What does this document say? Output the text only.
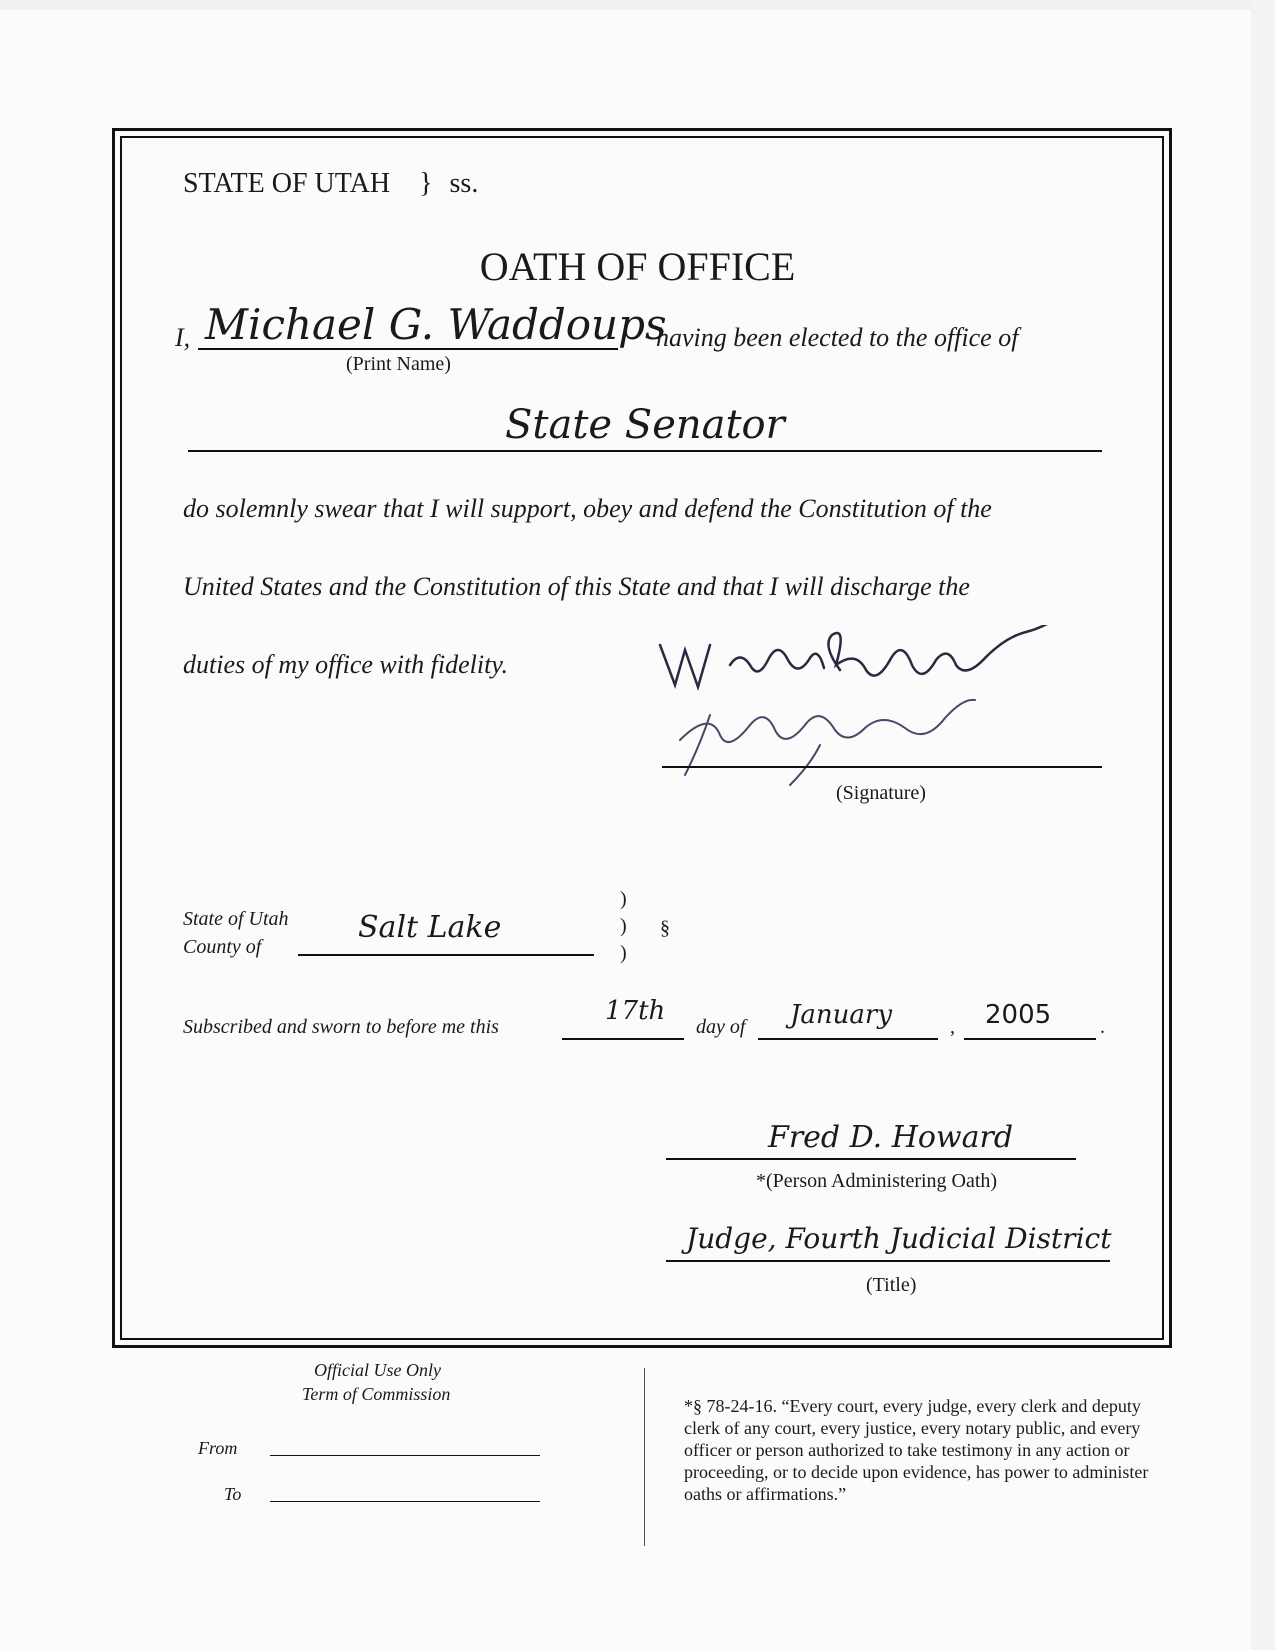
STATE OF UTAH } ss.
OATH OF OFFICE
I, Michael G. Waddoups
(Print Name)
having been elected to the office of
State Senator
do solemnly swear that I will support, obey and defend the Constitution of the
United States and the Constitution of this State and that I will discharge the
duties of my office with fidelity.
(Signature)
State of Utah
County of
Salt Lake
)
)
)
§
Subscribed and sworn to before me this
17th
day of January	, 2005 .
Fred D. Howard
*(Person Administering Oath)
Judge, Fourth Judicial District
(Title)
Official Use Only
Term of Commission
From
To
*§ 78-24-16. “Every court, every judge, every clerk and deputy clerk of any court, every justice, every notary public, and every officer or person authorized to take testimony in any action or proceeding, or to decide upon evidence, has power to administer oaths or affirmations.”
